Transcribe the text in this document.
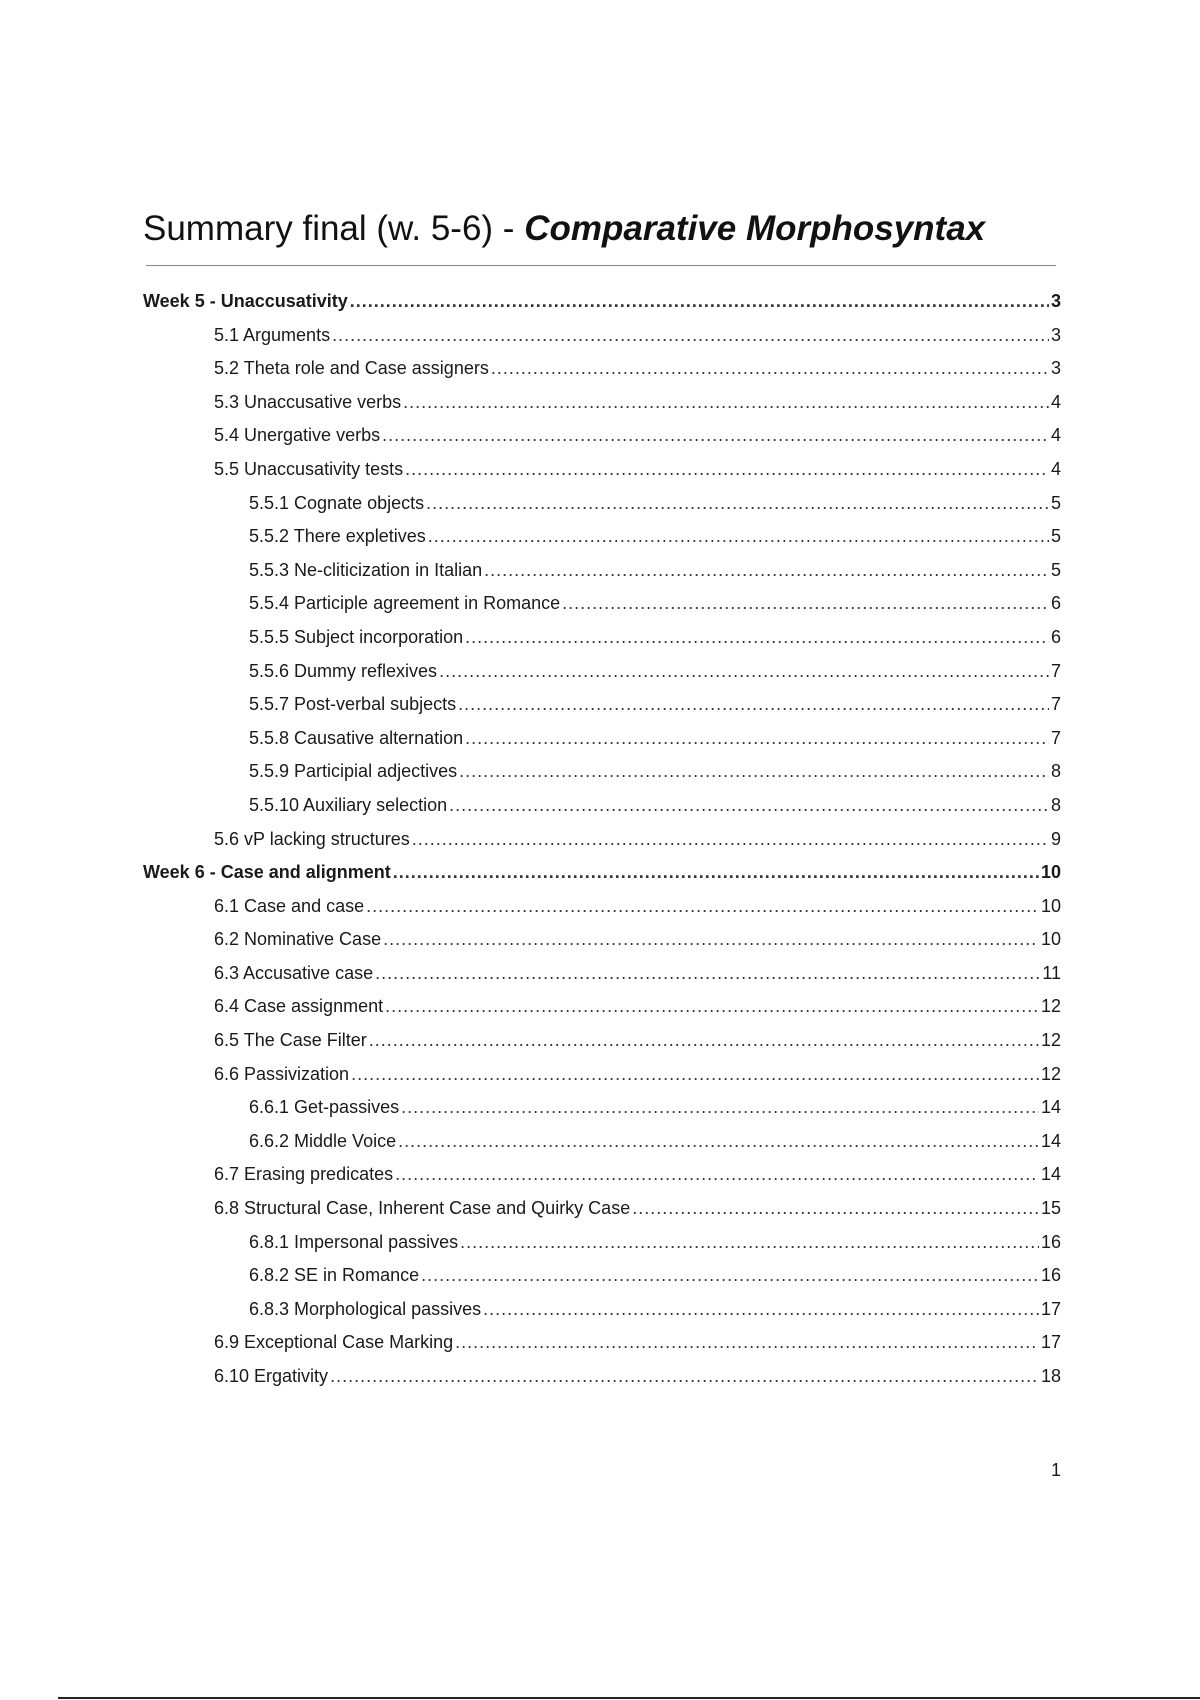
Summary final (w. 5-6) - Comparative Morphosyntax
Week 5 - Unaccusativity .....	3
5.1 Arguments .....	3
5.2 Theta role and Case assigners .....	3
5.3 Unaccusative verbs .....	4
5.4 Unergative verbs .....	4
5.5 Unaccusativity tests .....	4
5.5.1 Cognate objects .....	5
5.5.2 There expletives .....	5
5.5.3 Ne-cliticization in Italian .....	5
5.5.4 Participle agreement in Romance .....	6
5.5.5 Subject incorporation .....	6
5.5.6 Dummy reflexives .....	7
5.5.7 Post-verbal subjects .....	7
5.5.8 Causative alternation .....	7
5.5.9 Participial adjectives .....	8
5.5.10 Auxiliary selection .....	8
5.6 vP lacking structures .....	9
Week 6 - Case and alignment .....	10
6.1 Case and case .....	10
6.2 Nominative Case .....	10
6.3 Accusative case .....	11
6.4 Case assignment .....	12
6.5 The Case Filter .....	12
6.6 Passivization .....	12
6.6.1 Get-passives .....	14
6.6.2 Middle Voice .....	14
6.7 Erasing predicates .....	14
6.8 Structural Case, Inherent Case and Quirky Case .....	15
6.8.1 Impersonal passives .....	16
6.8.2 SE in Romance .....	16
6.8.3 Morphological passives .....	17
6.9 Exceptional Case Marking .....	17
6.10 Ergativity .....	18
1
